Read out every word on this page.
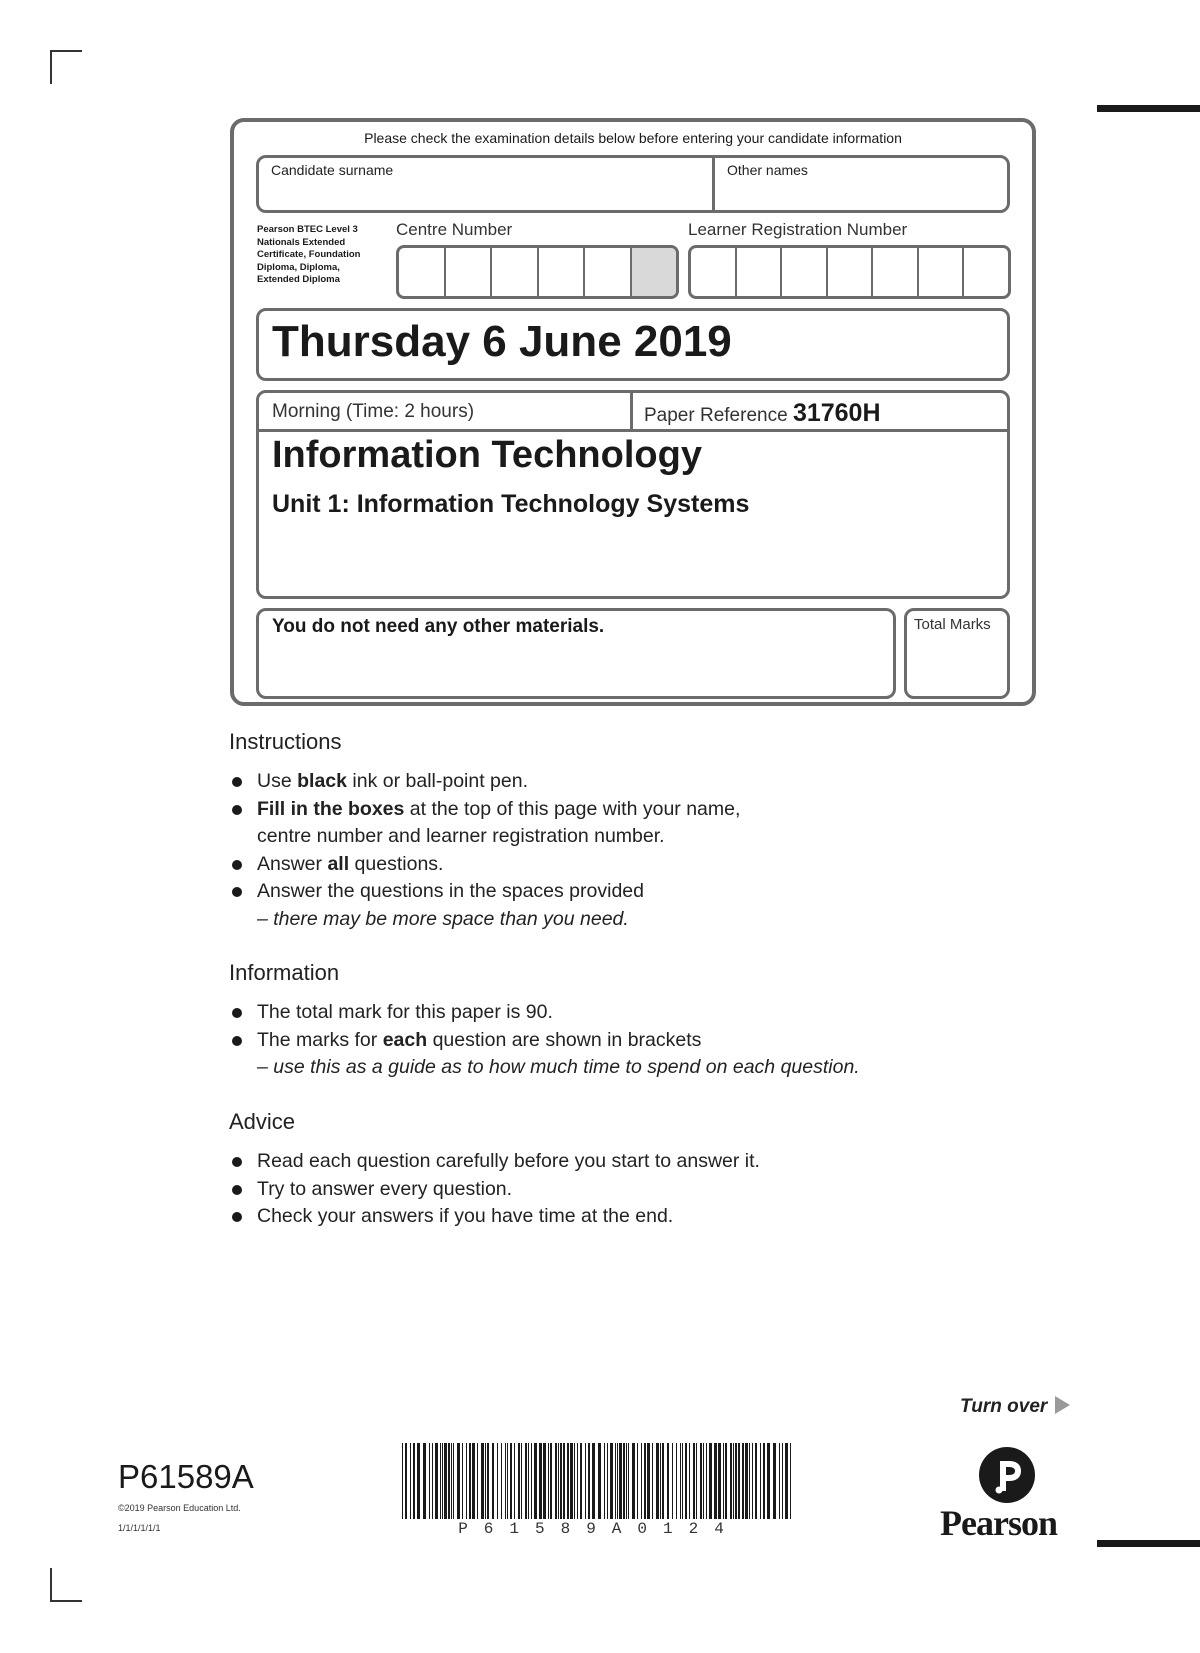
Please check the examination details below before entering your candidate information
Candidate surname	Other names
Pearson BTEC Level 3 Nationals Extended Certificate, Foundation Diploma, Diploma, Extended Diploma
Centre Number	Learner Registration Number
Thursday 6 June 2019
Morning (Time: 2 hours)	Paper Reference 31760H
Information Technology
Unit 1: Information Technology Systems
You do not need any other materials.	Total Marks
Instructions
Use black ink or ball-point pen.
Fill in the boxes at the top of this page with your name,
centre number and learner registration number.
Answer all questions.
Answer the questions in the spaces provided
– there may be more space than you need.
Information
The total mark for this paper is 90.
The marks for each question are shown in brackets
– use this as a guide as to how much time to spend on each question.
Advice
Read each question carefully before you start to answer it.
Try to answer every question.
Check your answers if you have time at the end.
Turn over
P61589A
©2019 Pearson Education Ltd.
1/1/1/1/1/1	P61589A0124	Pearson
